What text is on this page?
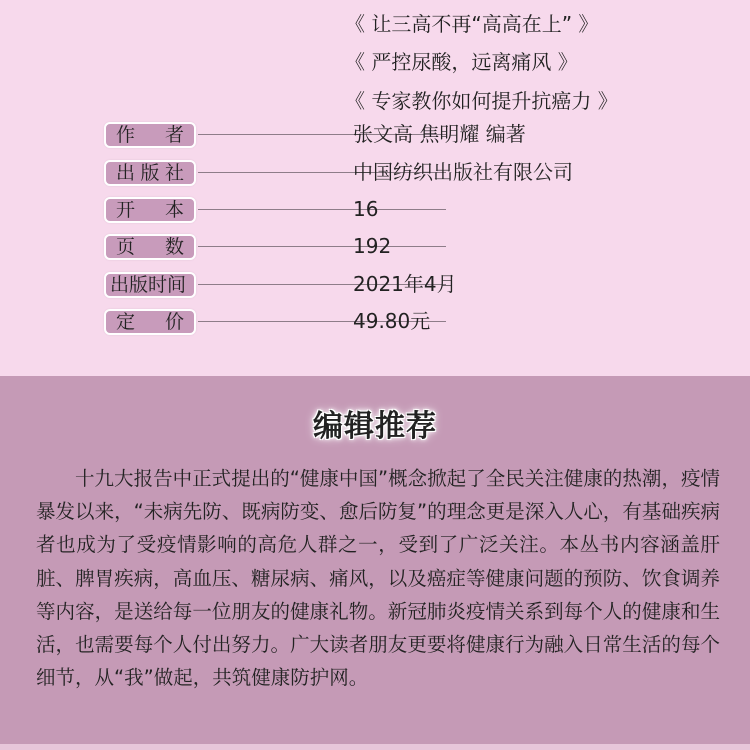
《 让三高不再“高高在上” 》
《 严控尿酸，远离痛风 》
《 专家教你如何提升抗癌力 》
作 者	张文高 焦明耀 编著
出 版 社	中国纺织出版社有限公司
开 本	16
页 数	192
出版时间	2021年4月
定 价	49.80元
编辑推荐
十九大报告中正式提出的“健康中国”概念掀起了全民关注健康的热潮，疫情暴发以来，“未病先防、既病防变、愈后防复”的理念更是深入人心，有基础疾病者也成为了受疫情影响的高危人群之一，受到了广泛关注。本丛书内容涵盖肝脏、脾胃疾病，高血压、糖尿病、痛风，以及癌症等健康问题的预防、饮食调养等内容，是送给每一位朋友的健康礼物。新冠肺炎疫情关系到每个人的健康和生活，也需要每个人付出努力。广大读者朋友更要将健康行为融入日常生活的每个细节，从“我”做起，共筑健康防护网。
